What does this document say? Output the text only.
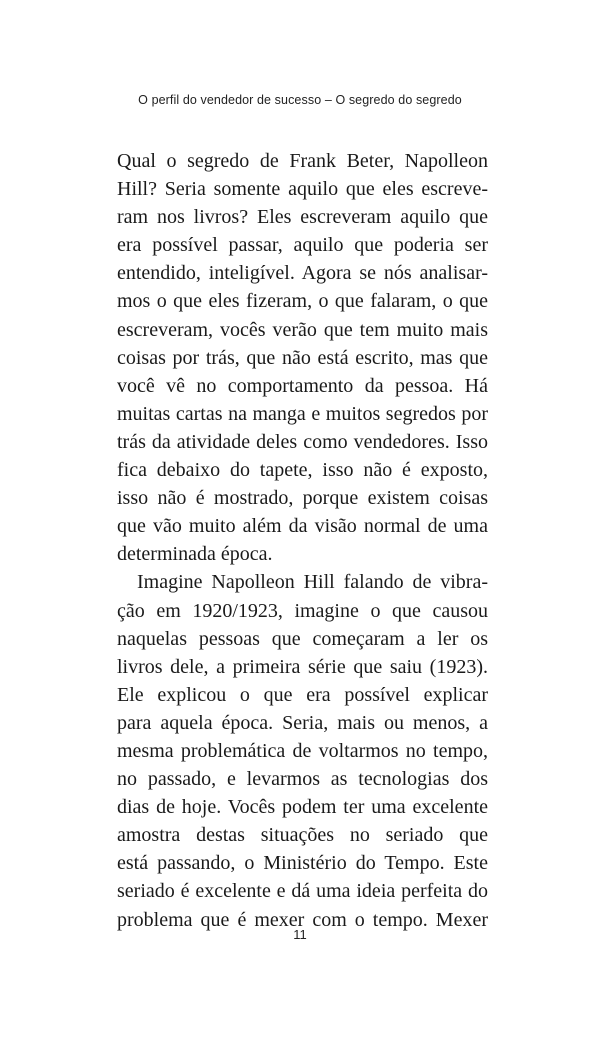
O perfil do vendedor de sucesso – O segredo do segredo
Qual o segredo de Frank Beter, Napolleon
Hill? Seria somente aquilo que eles escreve-
ram nos livros? Eles escreveram aquilo que
era possível passar, aquilo que poderia ser
entendido, inteligível. Agora se nós analisar-
mos o que eles fizeram, o que falaram, o que
escreveram, vocês verão que tem muito mais
coisas por trás, que não está escrito, mas que
você vê no comportamento da pessoa. Há
muitas cartas na manga e muitos segredos por
trás da atividade deles como vendedores. Isso
fica debaixo do tapete, isso não é exposto,
isso não é mostrado, porque existem coisas
que vão muito além da visão normal de uma
determinada época.
Imagine Napolleon Hill falando de vibra-
ção em 1920/1923, imagine o que causou
naquelas pessoas que começaram a ler os
livros dele, a primeira série que saiu (1923).
Ele explicou o que era possível explicar
para aquela época. Seria, mais ou menos, a
mesma problemática de voltarmos no tempo,
no passado, e levarmos as tecnologias dos
dias de hoje. Vocês podem ter uma excelente
amostra destas situações no seriado que
está passando, o Ministério do Tempo. Este
seriado é excelente e dá uma ideia perfeita do
problema que é mexer com o tempo. Mexer
11
